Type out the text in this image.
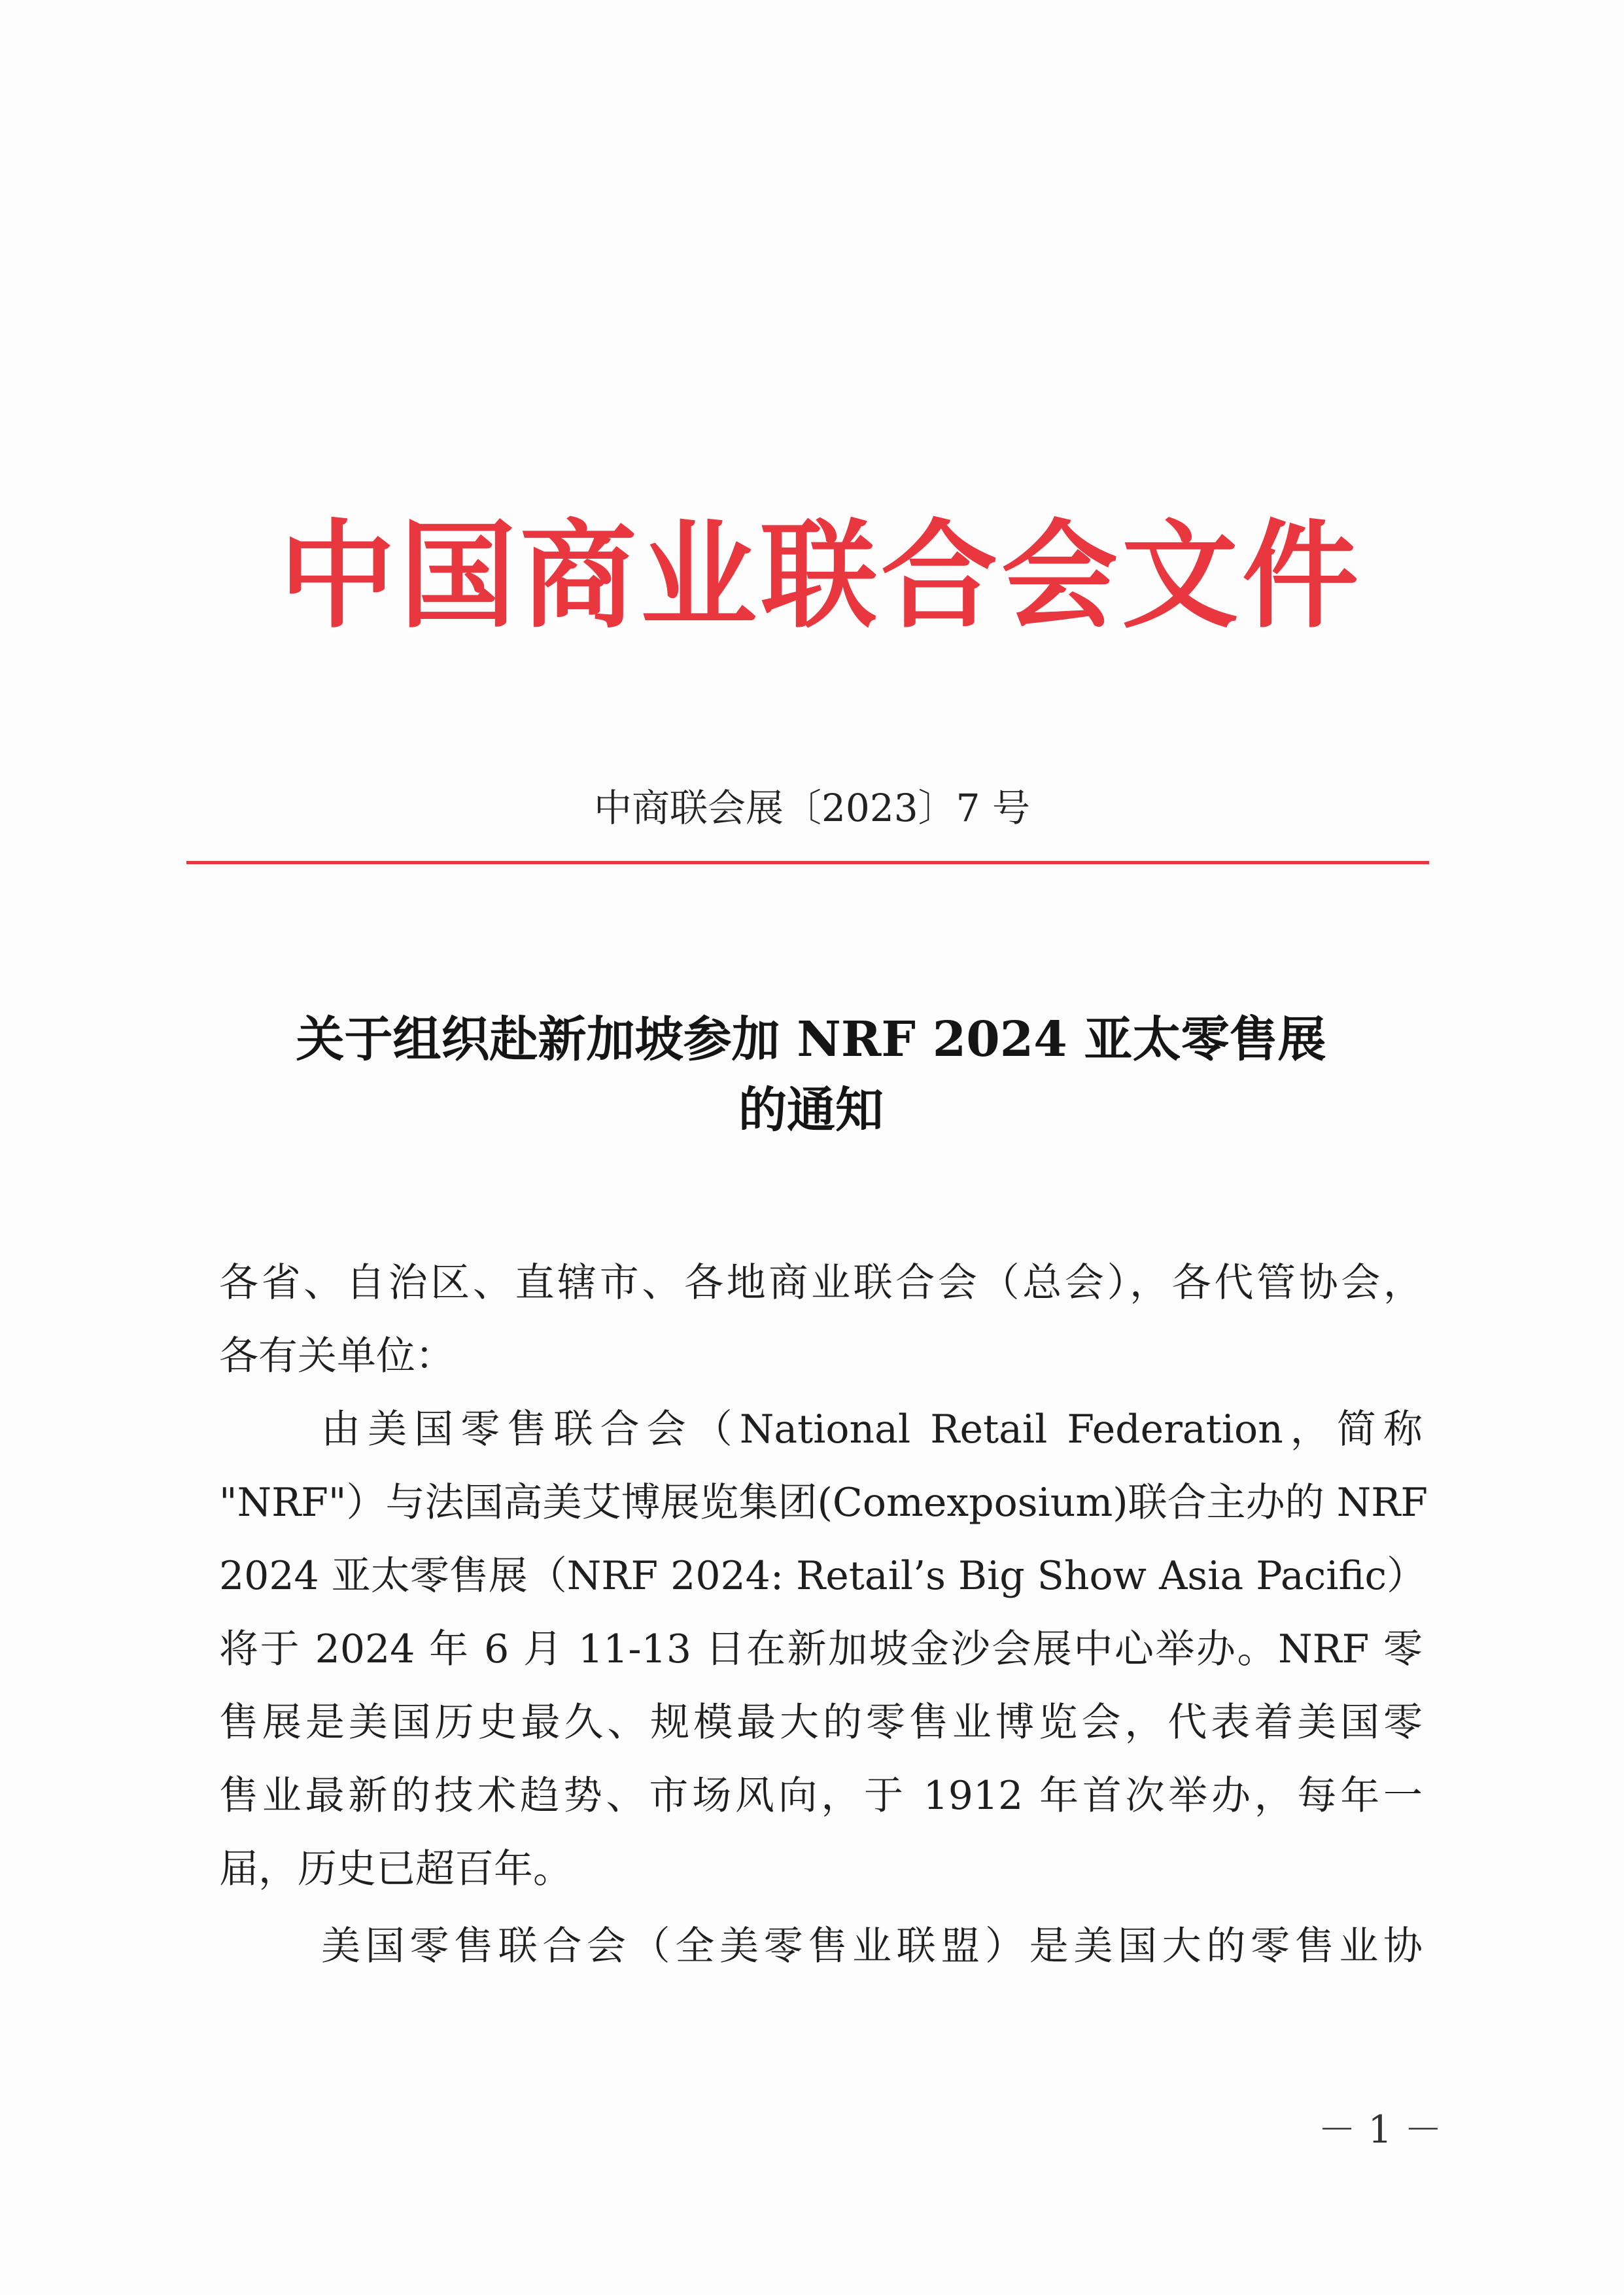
中国商业联合会文件
中商联会展〔2023〕7 号
关于组织赴新加坡参加 NRF 2024 亚太零售展
的通知
各省、自治区、直辖市、各地商业联合会（总会），各代管协会，
各有关单位：
由美国零售联合会（National Retail Federation，简称
"NRF"）与法国高美艾博展览集团(Comexposium)联合主办的 NRF
2024 亚太零售展（NRF 2024: Retail’s Big Show Asia Pacific）
将于 2024 年 6 月 11-13 日在新加坡金沙会展中心举办。NRF 零
售展是美国历史最久、规模最大的零售业博览会，代表着美国零
售业最新的技术趋势、市场风向，于 1912 年首次举办，每年一
届，历史已超百年。
美国零售联合会（全美零售业联盟）是美国大的零售业协
－ 1 －
